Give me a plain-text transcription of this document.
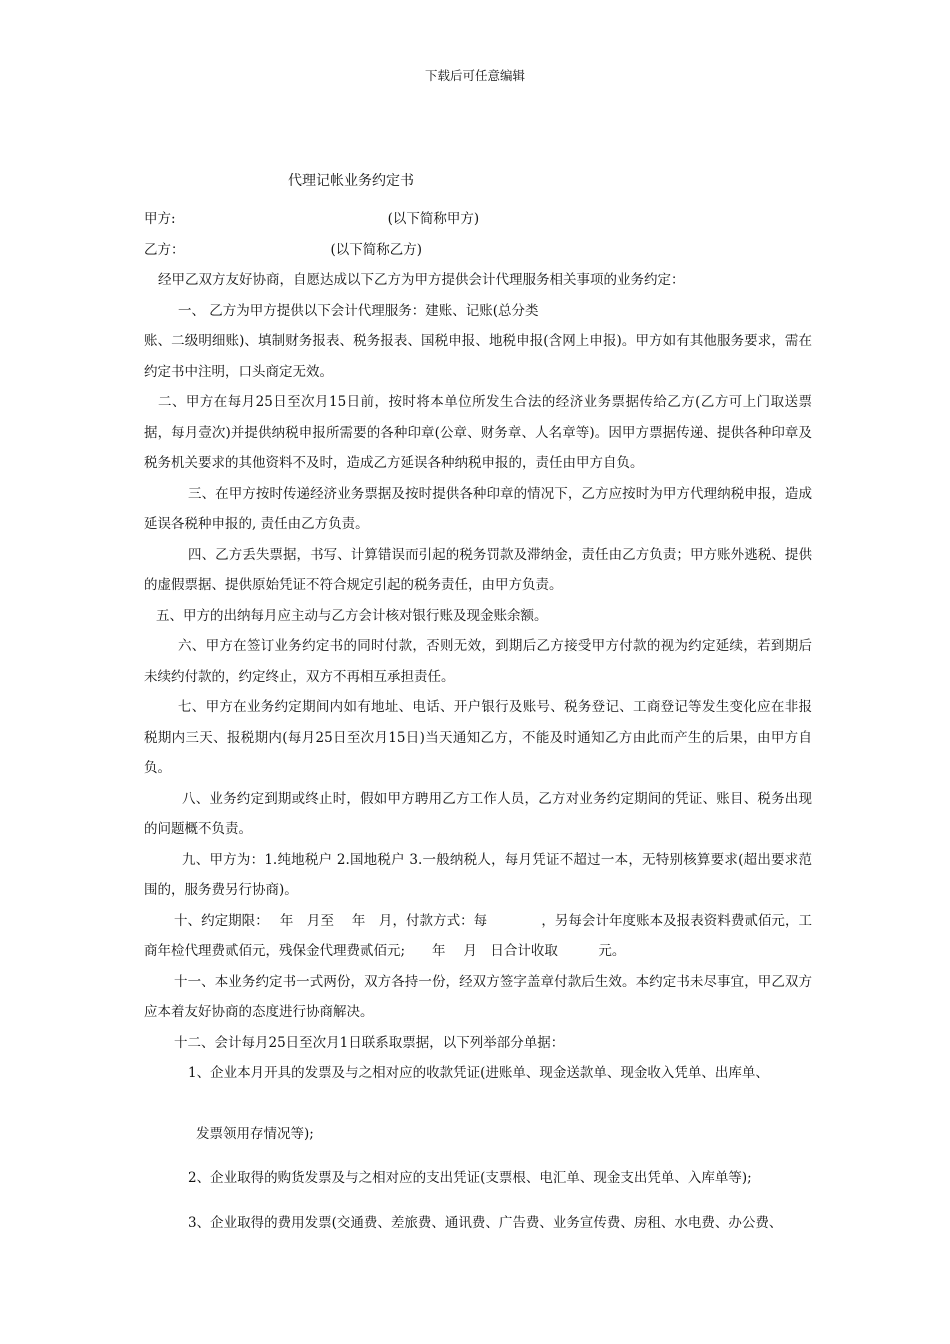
下载后可任意编辑
代理记帐业务约定书

甲方:	(以下简称甲方)

乙方：	(以下简称乙方)

经甲乙双方友好协商，自愿达成以下乙方为甲方提供会计代理服务相关事项的业务约定：

一、 乙方为甲方提供以下会计代理服务：建账、记账(总分类

账、二级明细账)、填制财务报表、税务报表、国税申报、地税申报(含网上申报)。甲方如有其他服务要求，需在约定书中注明，口头商定无效。

二、甲方在每月25日至次月15日前，按时将本单位所发生合法的经济业务票据传给乙方(乙方可上门取送票据，每月壹次)并提供纳税申报所需要的各种印章(公章、财务章、人名章等)。因甲方票据传递、提供各种印章及税务机关要求的其他资料不及时，造成乙方延误各种纳税申报的，责任由甲方自负。

三、在甲方按时传递经济业务票据及按时提供各种印章的情况下，乙方应按时为甲方代理纳税申报，造成延误各税种申报的, 责任由乙方负责。

四、乙方丢失票据，书写、计算错误而引起的税务罚款及滞纳金，责任由乙方负责；甲方账外逃税、提供的虚假票据、提供原始凭证不符合规定引起的税务责任，由甲方负责。

五、甲方的出纳每月应主动与乙方会计核对银行账及现金账余额。

六、甲方在签订业务约定书的同时付款，否则无效，到期后乙方接受甲方付款的视为约定延续，若到期后未续约付款的，约定终止，双方不再相互承担责任。

七、甲方在业务约定期间内如有地址、电话、开户银行及账号、税务登记、工商登记等发生变化应在非报税期内三天、报税期内(每月25日至次月15日)当天通知乙方，不能及时通知乙方由此而产生的后果，由甲方自负。

八、业务约定到期或终止时，假如甲方聘用乙方工作人员，乙方对业务约定期间的凭证、账目、税务出现的问题概不负责。

九、甲方为：1.纯地税户 2.国地税户 3.一般纳税人，每月凭证不超过一本，无特别核算要求(超出要求范围的，服务费另行协商)。

十、约定期限：　 年　月至　 年　月，付款方式：每　　　　，另每会计年度账本及报表资料费贰佰元，工商年检代理费贰佰元，残保金代理费贰佰元;　　年　 月　日合计收取　　　元。

十一、本业务约定书一式两份，双方各持一份，经双方签字盖章付款后生效。本约定书未尽事宜，甲乙双方应本着友好协商的态度进行协商解决。

十二、会计每月25日至次月1日联系取票据，以下列举部分单据：

1、企业本月开具的发票及与之相对应的收款凭证(进账单、现金送款单、现金收入凭单、出库单、

发票领用存情况等);

2、企业取得的购货发票及与之相对应的支出凭证(支票根、电汇单、现金支出凭单、入库单等);

3、企业取得的费用发票(交通费、差旅费、通讯费、广告费、业务宣传费、房租、水电费、办公费、
